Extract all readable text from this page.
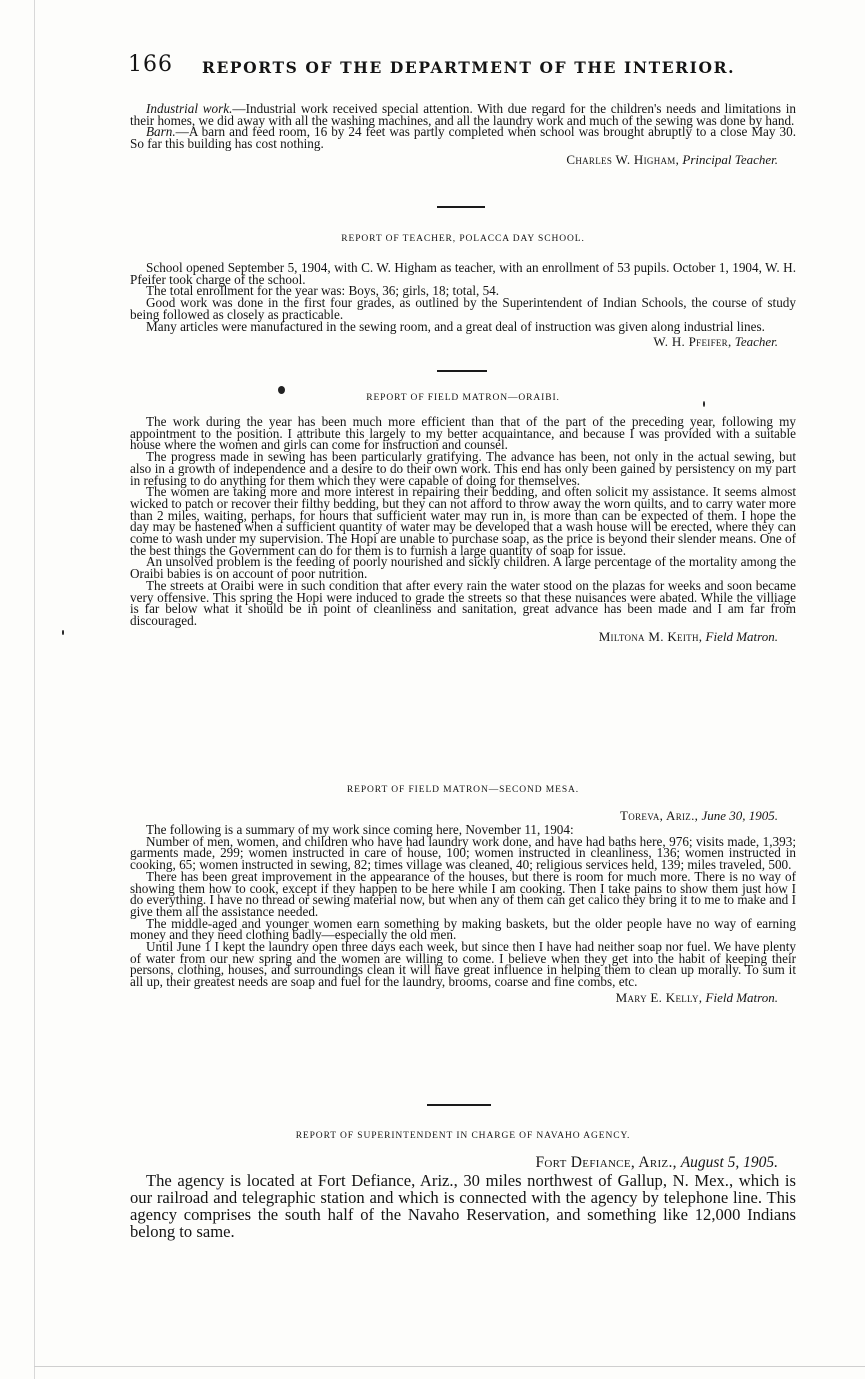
166 REPORTS OF THE DEPARTMENT OF THE INTERIOR.

Industrial work.—Industrial work received special attention. With due regard for the children's needs and limitations in their homes, we did away with all the washing machines, and all the laundry work and much of the sewing was done by hand.

Barn.—A barn and feed room, 16 by 24 feet was partly completed when school was brought abruptly to a close May 30. So far this building has cost nothing.

Charles W. Higham, Principal Teacher.

REPORT OF TEACHER, POLACCA DAY SCHOOL.

School opened September 5, 1904, with C. W. Higham as teacher, with an enrollment of 53 pupils. October 1, 1904, W. H. Pfeifer took charge of the school.

The total enrollment for the year was: Boys, 36; girls, 18; total, 54.

Good work was done in the first four grades, as outlined by the Superintendent of Indian Schools, the course of study being followed as closely as practicable.

Many articles were manufactured in the sewing room, and a great deal of instruction was given along industrial lines.

W. H. Pfeifer, Teacher.

REPORT OF FIELD MATRON—ORAIBI.

The work during the year has been much more efficient than that of the part of the preceding year, following my appointment to the position. I attribute this largely to my better acquaintance, and because I was provided with a suitable house where the women and girls can come for instruction and counsel.

The progress made in sewing has been particularly gratifying. The advance has been, not only in the actual sewing, but also in a growth of independence and a desire to do their own work. This end has only been gained by persistency on my part in refusing to do anything for them which they were capable of doing for themselves.

The women are taking more and more interest in repairing their bedding, and often solicit my assistance. It seems almost wicked to patch or recover their filthy bedding, but they can not afford to throw away the worn quilts, and to carry water more than 2 miles, waiting, perhaps, for hours that sufficient water may run in, is more than can be expected of them. I hope the day may be hastened when a sufficient quantity of water may be developed that a wash house will be erected, where they can come to wash under my supervision. The Hopi are unable to purchase soap, as the price is beyond their slender means. One of the best things the Government can do for them is to furnish a large quantity of soap for issue.

An unsolved problem is the feeding of poorly nourished and sickly children. A large percentage of the mortality among the Oraibi babies is on account of poor nutrition.

The streets at Oraibi were in such condition that after every rain the water stood on the plazas for weeks and soon became very offensive. This spring the Hopi were induced to grade the streets so that these nuisances were abated. While the villiage is far below what it should be in point of cleanliness and sanitation, great advance has been made and I am far from discouraged.

Miltona M. Keith, Field Matron.

REPORT OF FIELD MATRON—SECOND MESA.

Toreva, Ariz., June 30, 1905.

The following is a summary of my work since coming here, November 11, 1904:

Number of men, women, and children who have had laundry work done, and have had baths here, 976; visits made, 1,393; garments made, 299; women instructed in care of house, 100; women instructed in cleanliness, 136; women instructed in cooking, 65; women instructed in sewing, 82; times village was cleaned, 40; religious services held, 139; miles traveled, 500.

There has been great improvement in the appearance of the houses, but there is room for much more. There is no way of showing them how to cook, except if they happen to be here while I am cooking. Then I take pains to show them just how I do everything. I have no thread or sewing material now, but when any of them can get calico they bring it to me to make and I give them all the assistance needed.

The middle-aged and younger women earn something by making baskets, but the older people have no way of earning money and they need clothing badly—especially the old men.

Until June 1 I kept the laundry open three days each week, but since then I have had neither soap nor fuel. We have plenty of water from our new spring and the women are willing to come. I believe when they get into the habit of keeping their persons, clothing, houses, and surroundings clean it will have great influence in helping them to clean up morally. To sum it all up, their greatest needs are soap and fuel for the laundry, brooms, coarse and fine combs, etc.

Mary E. Kelly, Field Matron.

REPORT OF SUPERINTENDENT IN CHARGE OF NAVAHO AGENCY.

Fort Defiance, Ariz., August 5, 1905.

The agency is located at Fort Defiance, Ariz., 30 miles northwest of Gallup, N. Mex., which is our railroad and telegraphic station and which is connected with the agency by telephone line. This agency comprises the south half of the Navaho Reservation, and something like 12,000 Indians belong to same.
